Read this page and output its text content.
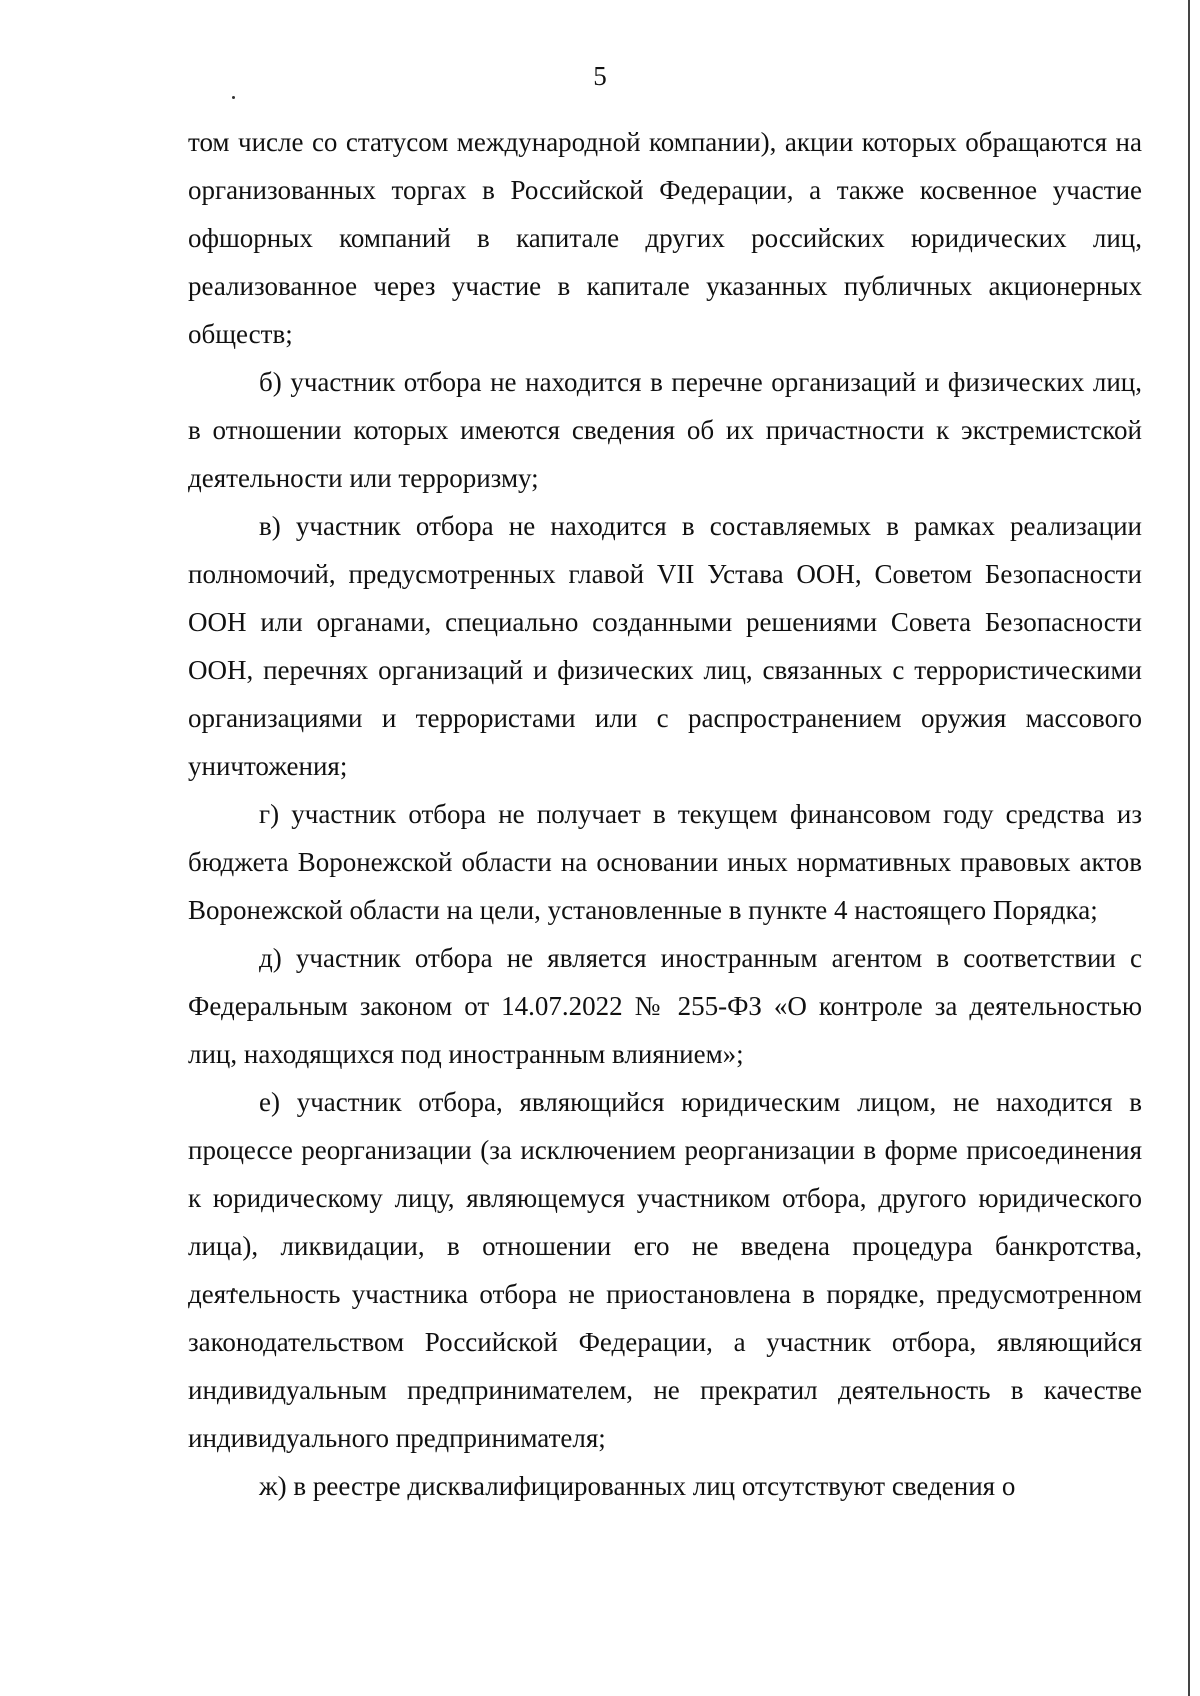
5

том числе со статусом международной компании), акции которых обращаются на организованных торгах в Российской Федерации, а также косвенное участие офшорных компаний в капитале других российских юридических лиц, реализованное через участие в капитале указанных публичных акционерных обществ;

б) участник отбора не находится в перечне организаций и физических лиц, в отношении которых имеются сведения об их причастности к экстремистской деятельности или терроризму;

в) участник отбора не находится в составляемых в рамках реализации полномочий, предусмотренных главой VII Устава ООН, Советом Безопасности ООН или органами, специально созданными решениями Совета Безопасности ООН, перечнях организаций и физических лиц, связанных с террористическими организациями и террористами или с распространением оружия массового уничтожения;

г) участник отбора не получает в текущем финансовом году средства из бюджета Воронежской области на основании иных нормативных правовых актов Воронежской области на цели, установленные в пункте 4 настоящего Порядка;

д) участник отбора не является иностранным агентом в соответствии с Федеральным законом от 14.07.2022 № 255-ФЗ «О контроле за деятельностью лиц, находящихся под иностранным влиянием»;

е) участник отбора, являющийся юридическим лицом, не находится в процессе реорганизации (за исключением реорганизации в форме присоединения к юридическому лицу, являющемуся участником отбора, другого юридического лица), ликвидации, в отношении его не введена процедура банкротства, деятельность участника отбора не приостановлена в порядке, предусмотренном законодательством Российской Федерации, а участник отбора, являющийся индивидуальным предпринимателем, не прекратил деятельность в качестве индивидуального предпринимателя;

ж) в реестре дисквалифицированных лиц отсутствуют сведения о
